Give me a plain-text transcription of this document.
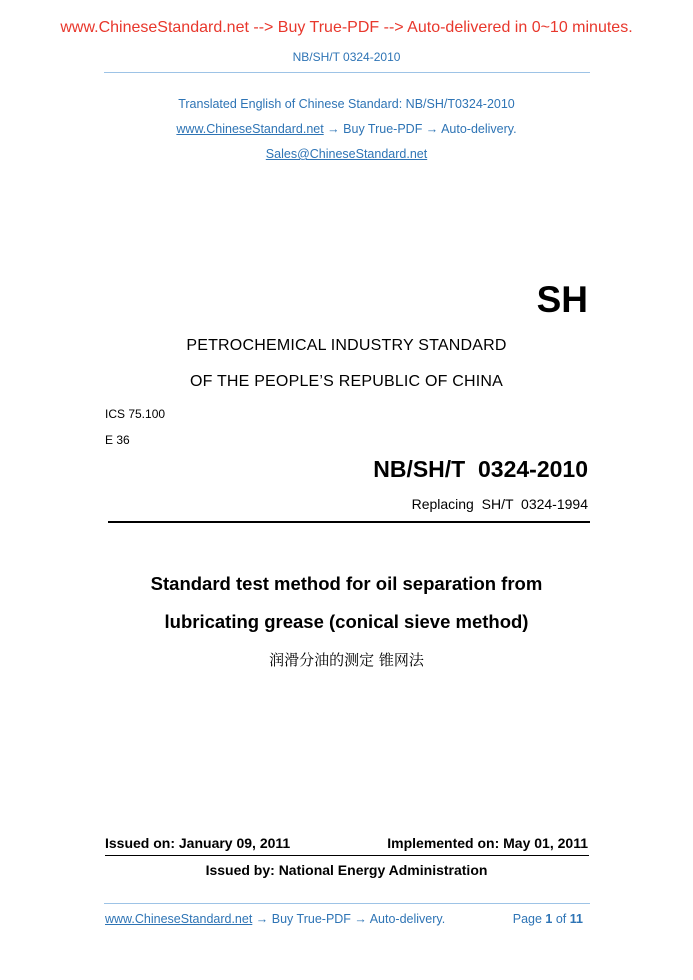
www.ChineseStandard.net --> Buy True-PDF --> Auto-delivered in 0~10 minutes.
NB/SH/T 0324-2010
Translated English of Chinese Standard: NB/SH/T0324-2010
www.ChineseStandard.net → Buy True-PDF → Auto-delivery.
Sales@ChineseStandard.net
SH
PETROCHEMICAL INDUSTRY STANDARD
OF THE PEOPLE’S REPUBLIC OF CHINA
ICS 75.100
E 36
NB/SH/T  0324-2010
Replacing  SH/T  0324-1994
Standard test method for oil separation from
lubricating grease (conical sieve method)
润滑分油的测定 锥网法
Issued on: January 09, 2011	Implemented on: May 01, 2011
Issued by: National Energy Administration
www.ChineseStandard.net → Buy True-PDF → Auto-delivery.	Page 1 of 11
